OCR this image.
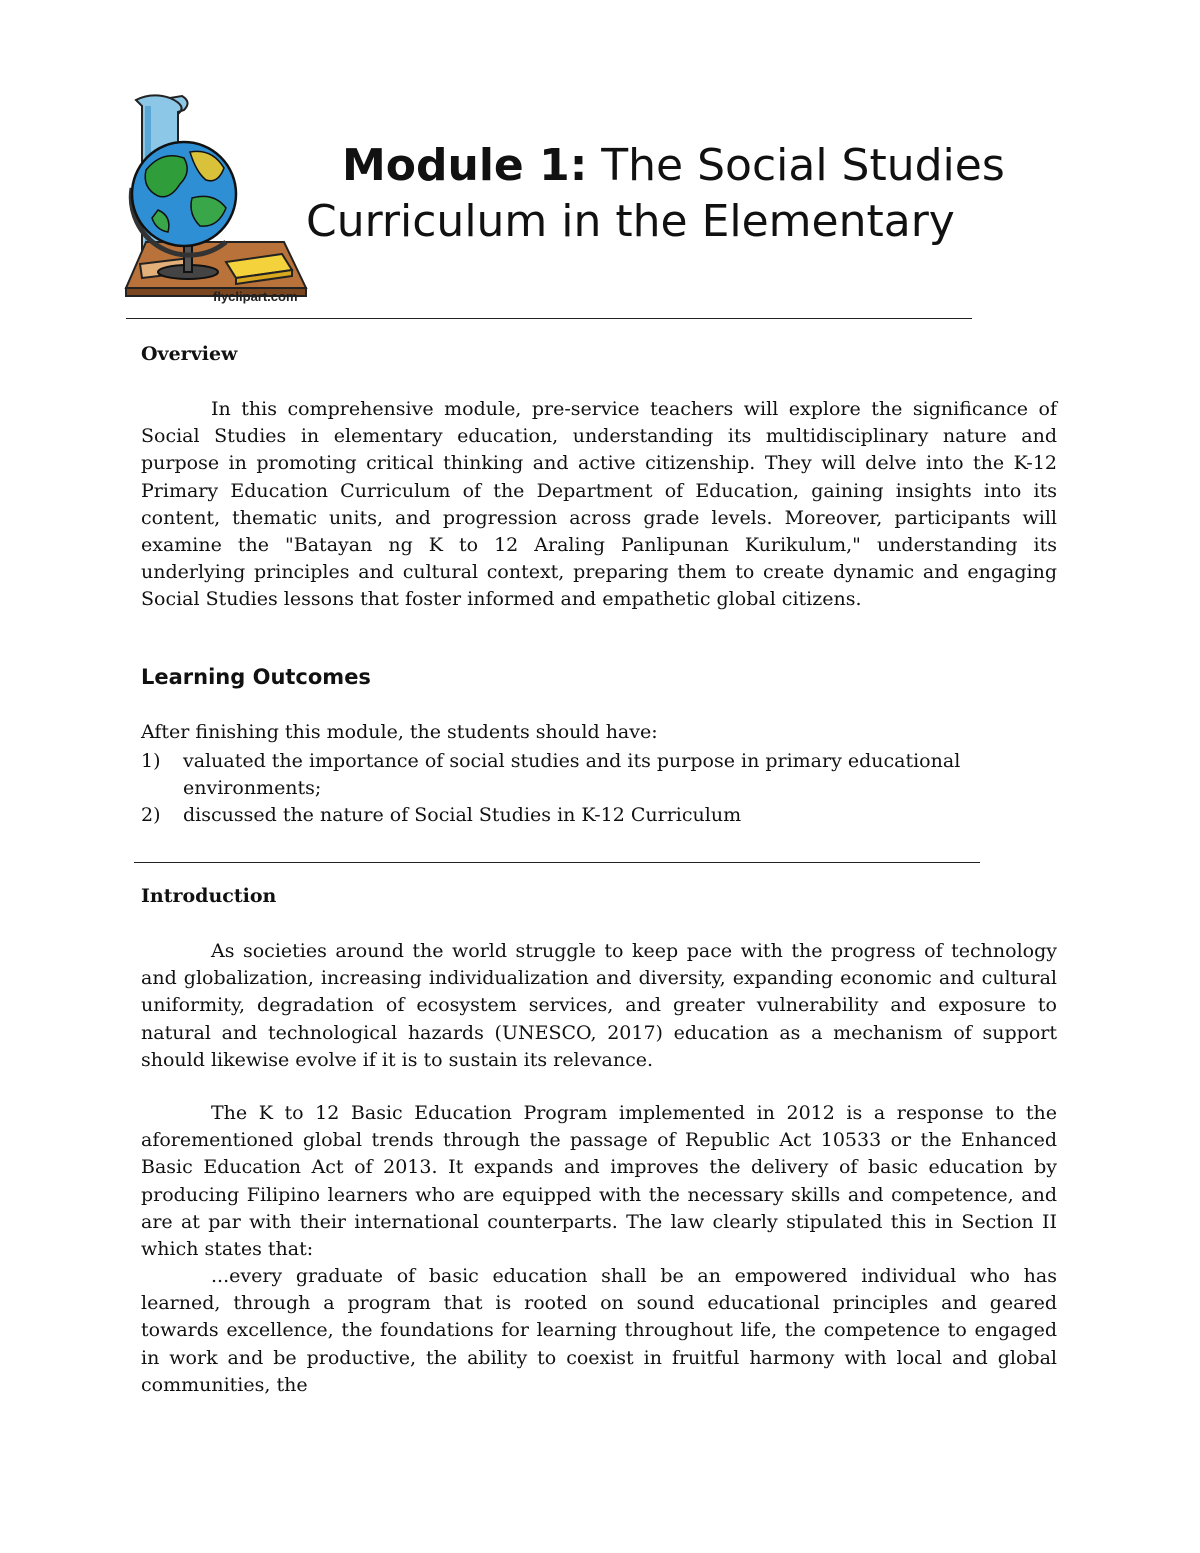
flyclipart.com
Module 1: The Social Studies
Curriculum in the Elementary
Overview
In this comprehensive module, pre-service teachers will explore the significance of Social Studies in elementary education, understanding its multidisciplinary nature and purpose in promoting critical thinking and active citizenship. They will delve into the K-12 Primary Education Curriculum of the Department of Education, gaining insights into its content, thematic units, and progression across grade levels. Moreover, participants will examine the "Batayan ng K to 12 Araling Panlipunan Kurikulum," understanding its underlying principles and cultural context, preparing them to create dynamic and engaging Social Studies lessons that foster informed and empathetic global citizens.
Learning Outcomes
After finishing this module, the students should have:
1)	valuated the importance of social studies and its purpose in primary educational environments;
2)	discussed the nature of Social Studies in K-12 Curriculum
Introduction
As societies around the world struggle to keep pace with the progress of technology and globalization, increasing individualization and diversity, expanding economic and cultural uniformity, degradation of ecosystem services, and greater vulnerability and exposure to natural and technological hazards (UNESCO, 2017) education as a mechanism of support should likewise evolve if it is to sustain its relevance.
The K to 12 Basic Education Program implemented in 2012 is a response to the aforementioned global trends through the passage of Republic Act 10533 or the Enhanced Basic Education Act of 2013. It expands and improves the delivery of basic education by producing Filipino learners who are equipped with the necessary skills and competence, and are at par with their international counterparts. The law clearly stipulated this in Section II which states that:
...every graduate of basic education shall be an empowered individual who has learned, through a program that is rooted on sound educational principles and geared towards excellence, the foundations for learning throughout life, the competence to engaged in work and be productive, the ability to coexist in fruitful harmony with local and global communities, the
